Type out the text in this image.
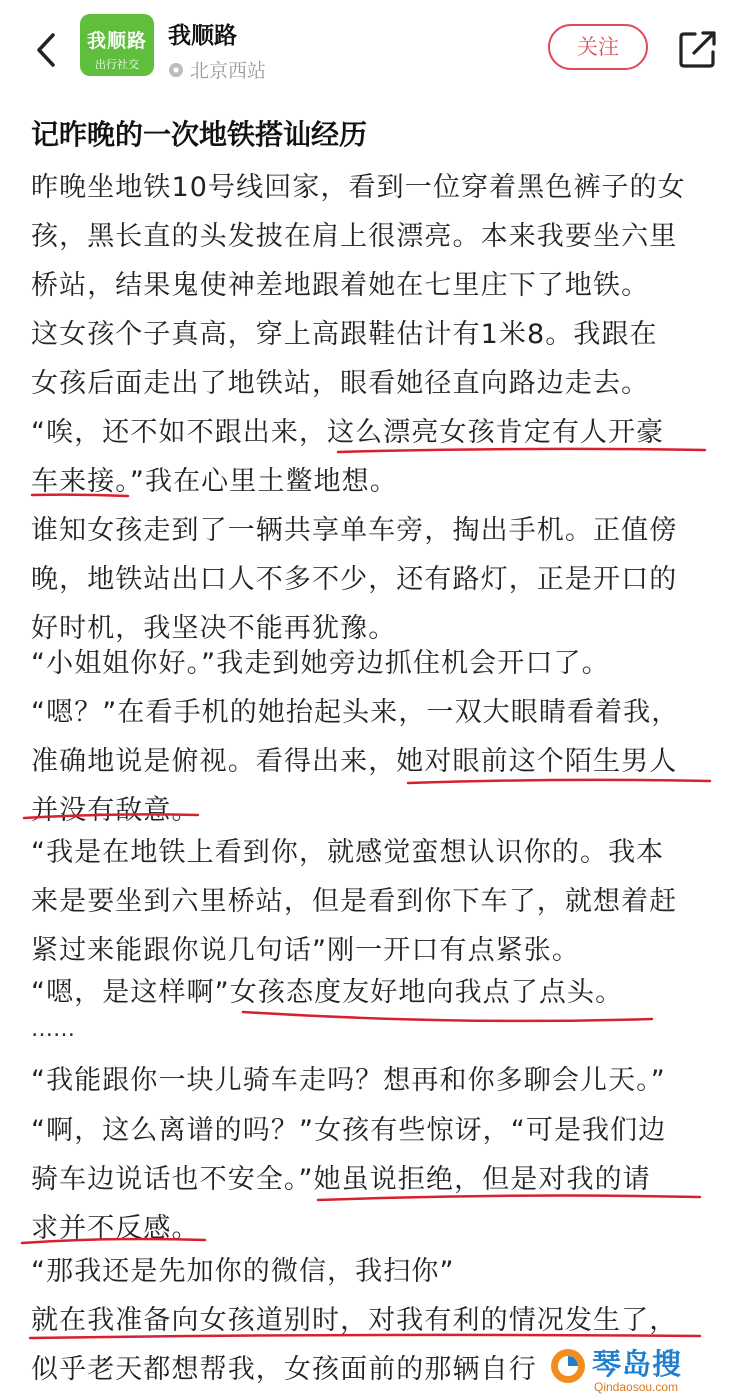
我顺路
出行社交
我顺路
北京西站
关注
记昨晚的一次地铁搭讪经历
昨晚坐地铁10号线回家，看到一位穿着黑色裤子的女
孩，黑长直的头发披在肩上很漂亮。本来我要坐六里
桥站，结果鬼使神差地跟着她在七里庄下了地铁。
这女孩个子真高，穿上高跟鞋估计有1米8。我跟在
女孩后面走出了地铁站，眼看她径直向路边走去。
“唉，还不如不跟出来，这么漂亮女孩肯定有人开豪
车来接。”我在心里土鳖地想。
谁知女孩走到了一辆共享单车旁，掏出手机。正值傍
晚，地铁站出口人不多不少，还有路灯，正是开口的
好时机，我坚决不能再犹豫。
“小姐姐你好。”我走到她旁边抓住机会开口了。
“嗯？”在看手机的她抬起头来，一双大眼睛看着我，
准确地说是俯视。看得出来，她对眼前这个陌生男人
并没有敌意。
“我是在地铁上看到你，就感觉蛮想认识你的。我本
来是要坐到六里桥站，但是看到你下车了，就想着赶
紧过来能跟你说几句话”刚一开口有点紧张。
“嗯，是这样啊”女孩态度友好地向我点了点头。
……
“我能跟你一块儿骑车走吗？想再和你多聊会儿天。”
“啊，这么离谱的吗？”女孩有些惊讶，“可是我们边
骑车边说话也不安全。”她虽说拒绝，但是对我的请
求并不反感。
“那我还是先加你的微信，我扫你”
就在我准备向女孩道别时，对我有利的情况发生了，
似乎老天都想帮我，女孩面前的那辆自行	琴岛搜
Qindaosou.com
